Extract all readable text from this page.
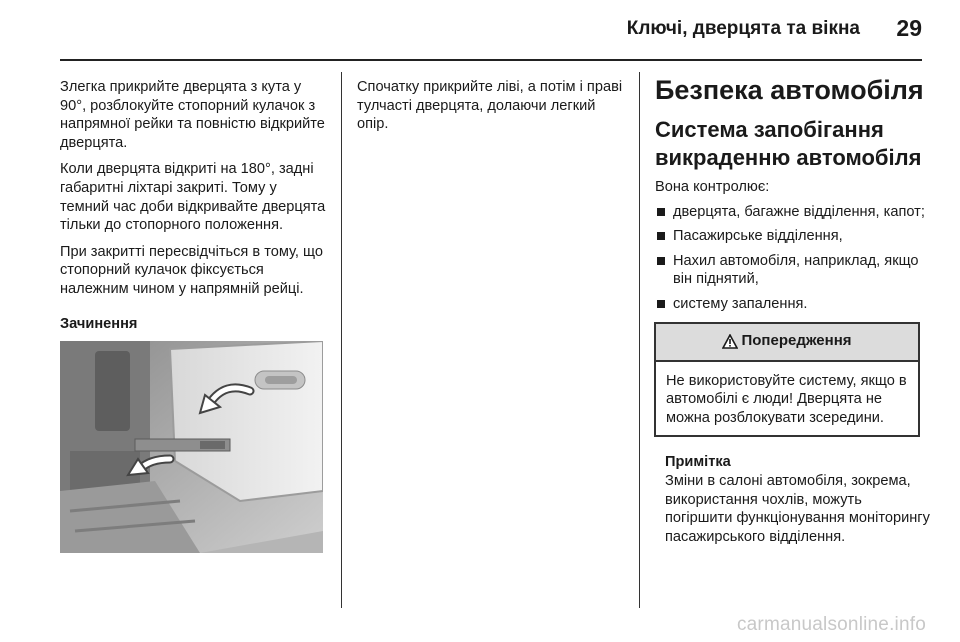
Ключі, дверцята та вікна	29

Злегка прикрийте дверцята з кута у 90°, розблокуйте стопорний кулачок з напрямної рейки та повністю відкрийте дверцята.

Коли дверцята відкриті на 180°, задні габаритні ліхтарі закриті. Тому у темний час доби відкривайте дверцята тільки до стопорного положення.

При закритті пересвідчіться в тому, що стопорний кулачок фіксується належним чином у напрямній рейці.

Зачинення

Спочатку прикрийте ліві, а потім і праві тулчасті дверцята, долаючи легкий опір.

Безпека автомобіля
Система запобігання викраденню автомобіля

Вона контролює:

дверцята, багажне відділення, капот;
Пасажирське відділення,
Нахил автомобіля, наприклад, якщо він піднятий,
систему запалення.
Попередження
Не використовуйте систему, якщо в автомобілі є люди! Дверцята не можна розблокувати зсередини.
Примітка
Зміни в салоні автомобіля, зокрема, використання чохлів, можуть погіршити функціонування моніторингу пасажирського відділення.
carmanualsonline.info
